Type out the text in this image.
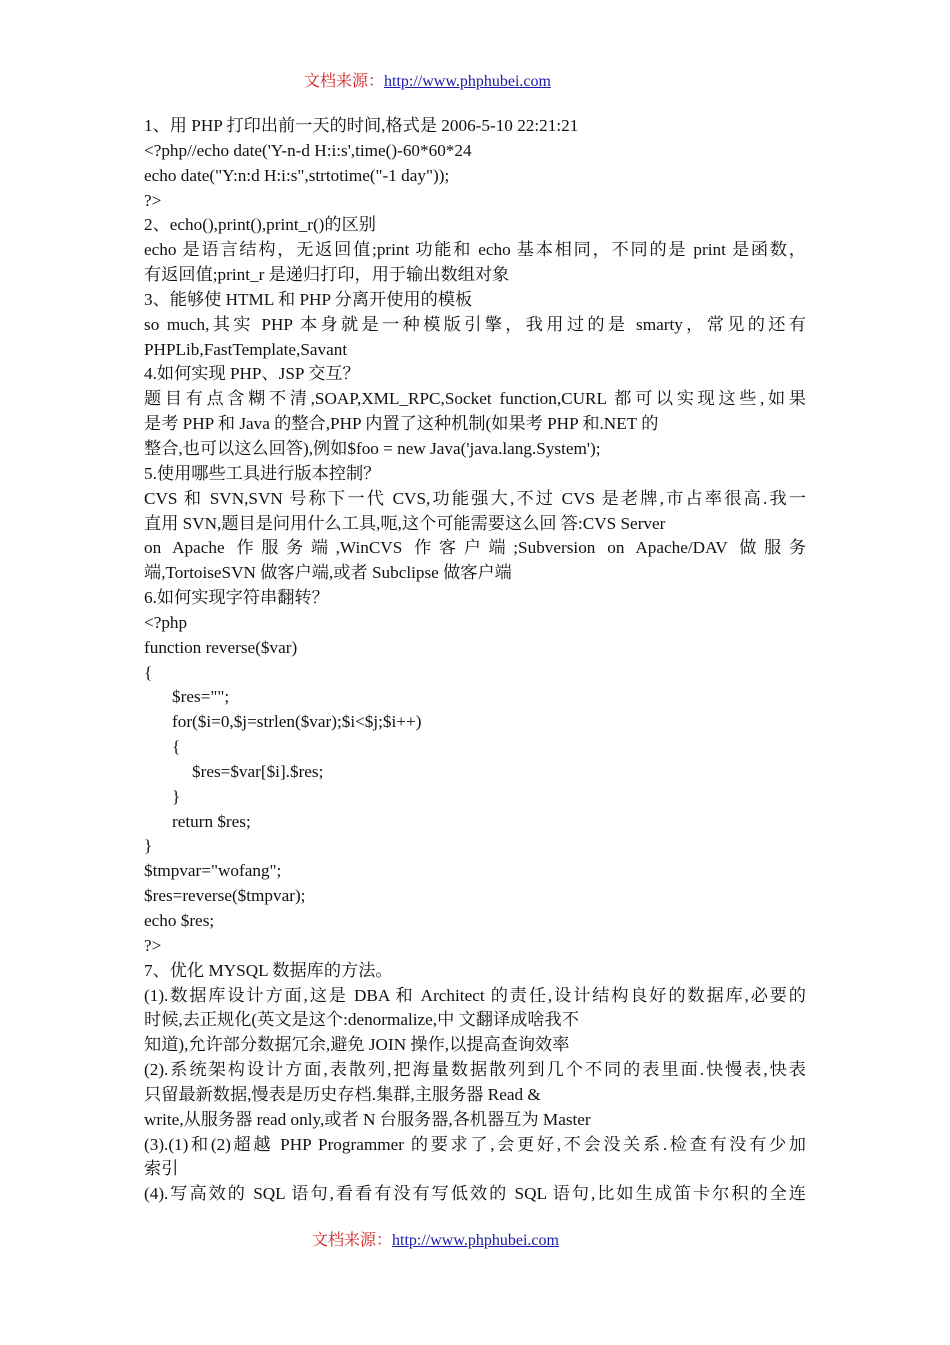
文档来源：http://www.phphubei.com
1、用 PHP 打印出前一天的时间,格式是 2006-5-10 22:21:21
<?php//echo date('Y-n-d H:i:s',time()-60*60*24
echo date("Y:n:d H:i:s",strtotime("-1 day"));
?>
2、echo(),print(),print_r()的区别
echo 是语言结构，无返回值;print 功能和 echo 基本相同，不同的是 print 是函数，
有返回值;print_r 是递归打印，用于输出数组对象
3、能够使 HTML 和 PHP 分离开使用的模板
so much,其实 PHP 本身就是一种模版引擎，我用过的是 smarty，常见的还有
PHPLib,FastTemplate,Savant
4.如何实现 PHP、JSP 交互？
题目有点含糊不清,SOAP,XML_RPC,Socket function,CURL 都可以实现这些,如果
是考 PHP 和 Java 的整合,PHP 内置了这种机制(如果考 PHP 和.NET 的
整合,也可以这么回答),例如$foo = new Java('java.lang.System');
5.使用哪些工具进行版本控制？
CVS 和 SVN,SVN 号称下一代 CVS,功能强大,不过 CVS 是老牌,市占率很高.我一
直用 SVN,题目是问用什么工具,呃,这个可能需要这么回 答:CVS Server
on Apache 作服务端,WinCVS 作客户端;Subversion on Apache/DAV 做服务
端,TortoiseSVN 做客户端,或者 Subclipse 做客户端
6.如何实现字符串翻转？
<?php
function reverse($var)
{
$res="";
for($i=0,$j=strlen($var);$i<$j;$i++)
{
$res=$var[$i].$res;
}
return $res;
}
$tmpvar="wofang";
$res=reverse($tmpvar);
echo $res;
?>
7、优化 MYSQL 数据库的方法。
(1).数据库设计方面,这是 DBA 和 Architect 的责任,设计结构良好的数据库,必要的
时候,去正规化(英文是这个:denormalize,中 文翻译成啥我不
知道),允许部分数据冗余,避免 JOIN 操作,以提高查询效率
(2).系统架构设计方面,表散列,把海量数据散列到几个不同的表里面.快慢表,快表
只留最新数据,慢表是历史存档.集群,主服务器 Read &
write,从服务器 read only,或者 N 台服务器,各机器互为 Master
(3).(1)和(2)超越 PHP Programmer 的要求了,会更好,不会没关系.检查有没有少加
索引
(4).写高效的 SQL 语句,看看有没有写低效的 SQL 语句,比如生成笛卡尔积的全连
文档来源：http://www.phphubei.com
